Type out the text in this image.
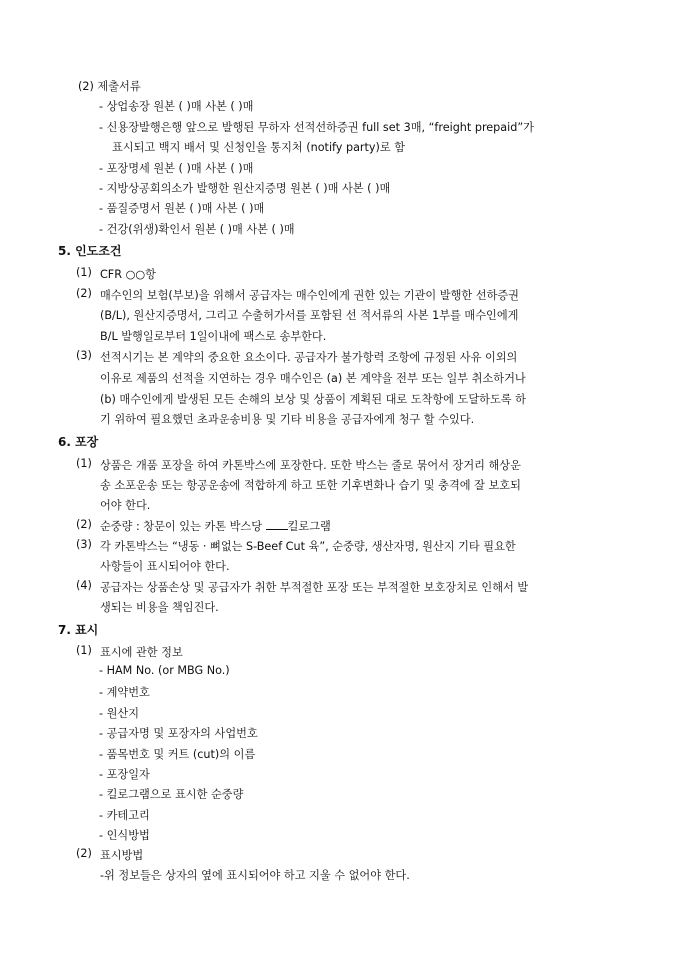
(2) 제출서류
- 상업송장 원본 ( )매 사본 ( )매
- 신용장발행은행 앞으로 발행된 무하자 선적선하증권 full set 3매, “freight prepaid”가
표시되고 백지 배서 및 신청인을 통지처 (notify party)로 함
- 포장명세 원본 ( )매 사본 ( )매
- 지방상공회의소가 발행한 원산지증명 원본 ( )매 사본 ( )매
- 품질증명서 원본 ( )매 사본 ( )매
- 건강(위생)확인서 원본 ( )매 사본 ( )매
5. 인도조건
(1) CFR ○○항
(2) 매수인의 보험(부보)을 위해서 공급자는 매수인에게 권한 있는 기관이 발행한 선하증권
(B/L), 원산지증명서, 그리고 수출허가서를 포함된 선 적서류의 사본 1부를 매수인에게
B/L 발행일로부터 1일이내에 팩스로 송부한다.
(3) 선적시기는 본 계약의 중요한 요소이다. 공급자가 불가항력 조항에 규정된 사유 이외의
이유로 제품의 선적을 지연하는 경우 매수인은 (a) 본 계약을 전부 또는 일부 취소하거나
(b) 매수인에게 발생된 모든 손해의 보상 및 상품이 계획된 대로 도착항에 도달하도록 하
기 위하여 필요했던 초과운송비용 및 기타 비용을 공급자에게 청구 할 수있다.
6. 포장
(1) 상품은 개품 포장을 하여 카톤박스에 포장한다. 또한 박스는 줄로 묶어서 장거리 해상운
송 소포운송 또는 항공운송에 적합하게 하고 또한 기후변화나 습기 및 충격에 잘 보호되
어야 한다.
(2) 순중량 : 창문이 있는 카톤 박스당 킬로그램
(3) 각 카톤박스는 “냉동 · 뼈없는 S-Beef Cut 육”, 순중량, 생산자명, 원산지 기타 필요한
사항들이 표시되어야 한다.
(4) 공급자는 상품손상 및 공급자가 취한 부적절한 포장 또는 부적절한 보호장치로 인해서 발
생되는 비용을 책임진다.
7. 표시
(1) 표시에 관한 정보
- HAM No. (or MBG No.)
- 계약번호
- 원산지
- 공급자명 및 포장자의 사업번호
- 품목번호 및 커트 (cut)의 이름
- 포장일자
- 킬로그램으로 표시한 순중량
- 카테고리
- 인식방법
(2) 표시방법
-위 정보들은 상자의 옆에 표시되어야 하고 지울 수 없어야 한다.
